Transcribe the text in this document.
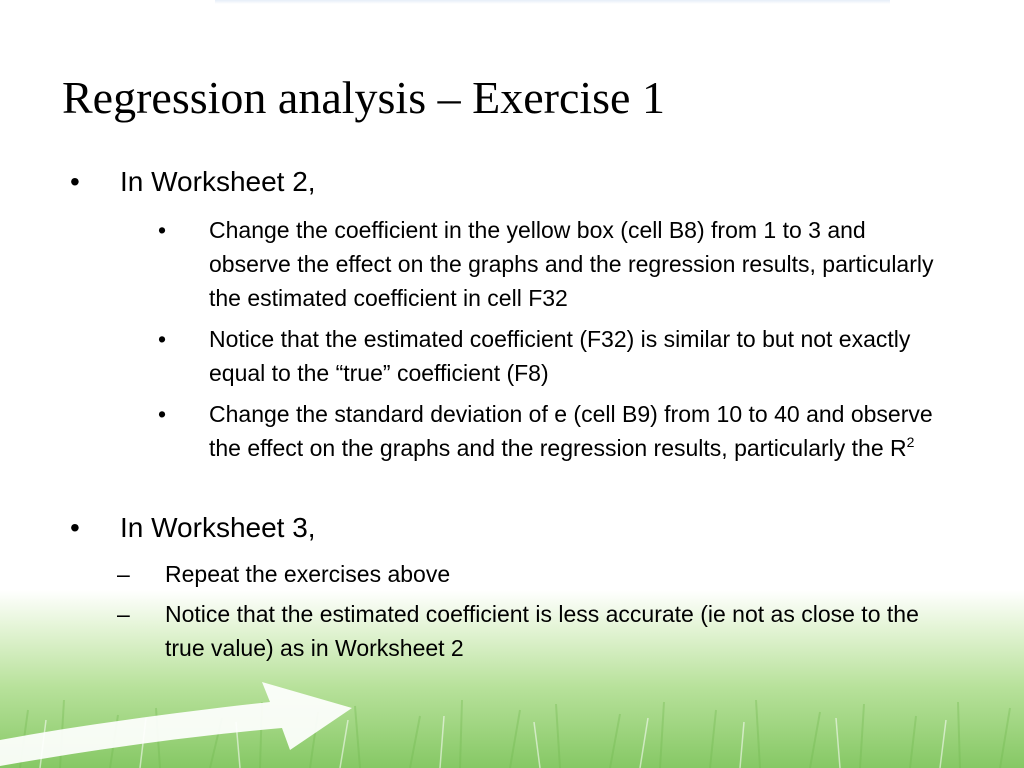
Regression analysis – Exercise 1
• In Worksheet 2,
• Change the coefficient in the yellow box (cell B8) from 1 to 3 and observe the effect on the graphs and the regression results, particularly the estimated coefficient in cell F32
• Notice that the estimated coefficient (F32) is similar to but not exactly equal to the “true” coefficient (F8)
• Change the standard deviation of e (cell B9) from 10 to 40 and observe the effect on the graphs and the regression results, particularly the $R^2$
• In Worksheet 3,
– Repeat the exercises above
– Notice that the estimated coefficient is less accurate (ie not as close to the true value) as in Worksheet 2
